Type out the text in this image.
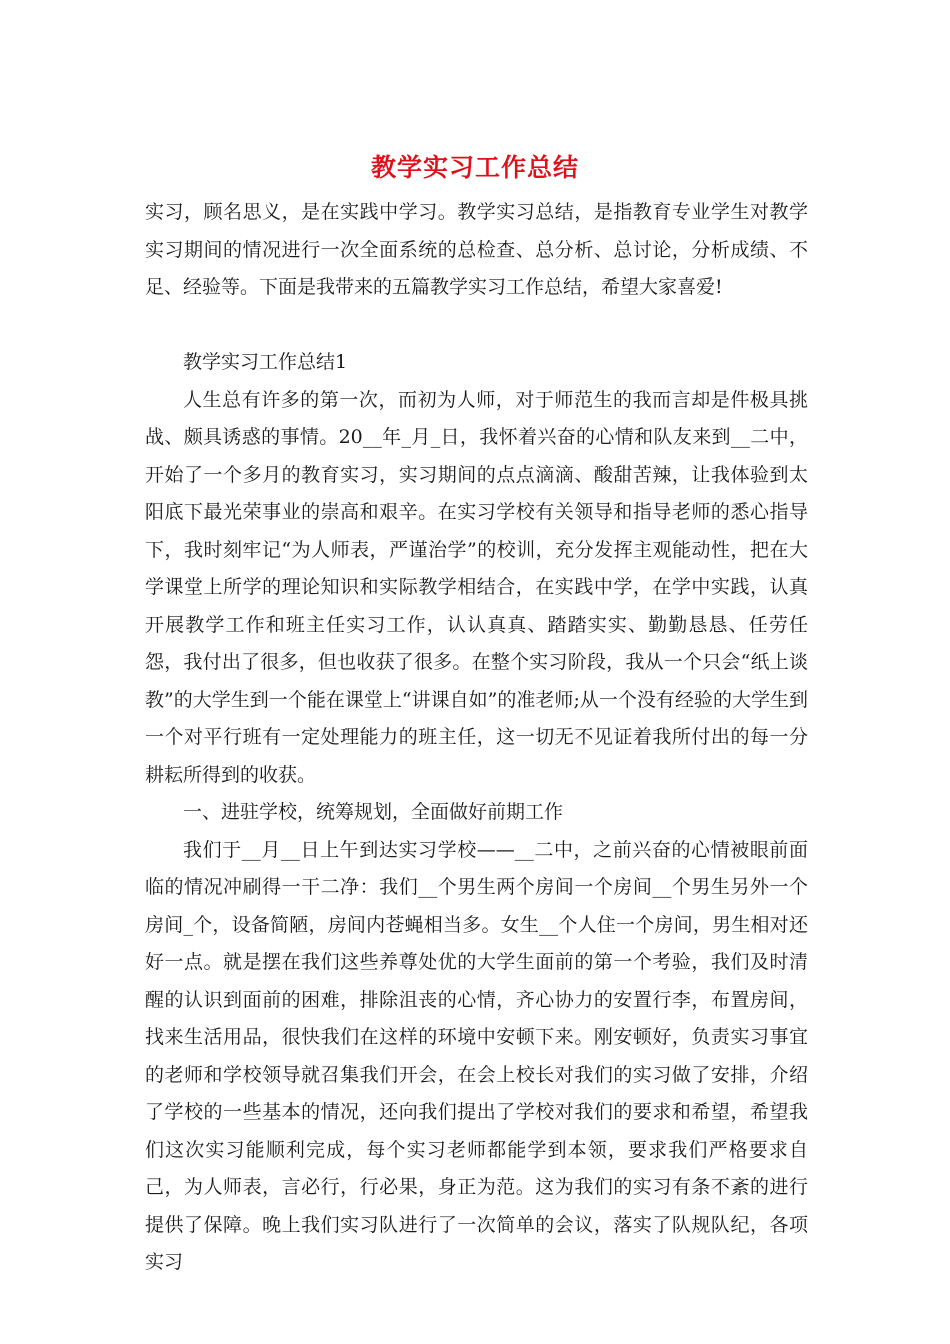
教学实习工作总结

实习，顾名思义，是在实践中学习。教学实习总结，是指教育专业学生对教学实习期间的情况进行一次全面系统的总检查、总分析、总讨论，分析成绩、不足、经验等。下面是我带来的五篇教学实习工作总结，希望大家喜爱!

教学实习工作总结1

人生总有许多的第一次，而初为人师，对于师范生的我而言却是件极具挑战、颇具诱惑的事情。20__年_月_日，我怀着兴奋的心情和队友来到__二中，开始了一个多月的教育实习，实习期间的点点滴滴、酸甜苦辣，让我体验到太阳底下最光荣事业的崇高和艰辛。在实习学校有关领导和指导老师的悉心指导下，我时刻牢记“为人师表，严谨治学”的校训，充分发挥主观能动性，把在大学课堂上所学的理论知识和实际教学相结合，在实践中学，在学中实践，认真开展教学工作和班主任实习工作，认认真真、踏踏实实、勤勤恳恳、任劳任怨，我付出了很多，但也收获了很多。在整个实习阶段，我从一个只会“纸上谈教”的大学生到一个能在课堂上“讲课自如”的准老师;从一个没有经验的大学生到一个对平行班有一定处理能力的班主任，这一切无不见证着我所付出的每一分耕耘所得到的收获。

一、进驻学校，统筹规划，全面做好前期工作

我们于__月__日上午到达实习学校——__二中，之前兴奋的心情被眼前面临的情况冲刷得一干二净：我们__个男生两个房间一个房间__个男生另外一个房间_个，设备简陋，房间内苍蝇相当多。女生__个人住一个房间，男生相对还好一点。就是摆在我们这些养尊处优的大学生面前的第一个考验，我们及时清醒的认识到面前的困难，排除沮丧的心情，齐心协力的安置行李，布置房间，找来生活用品，很快我们在这样的环境中安顿下来。刚安顿好，负责实习事宜的老师和学校领导就召集我们开会，在会上校长对我们的实习做了安排，介绍了学校的一些基本的情况，还向我们提出了学校对我们的要求和希望，希望我们这次实习能顺利完成，每个实习老师都能学到本领，要求我们严格要求自己，为人师表，言必行，行必果，身正为范。这为我们的实习有条不紊的进行提供了保障。晚上我们实习队进行了一次简单的会议，落实了队规队纪，各项实习
